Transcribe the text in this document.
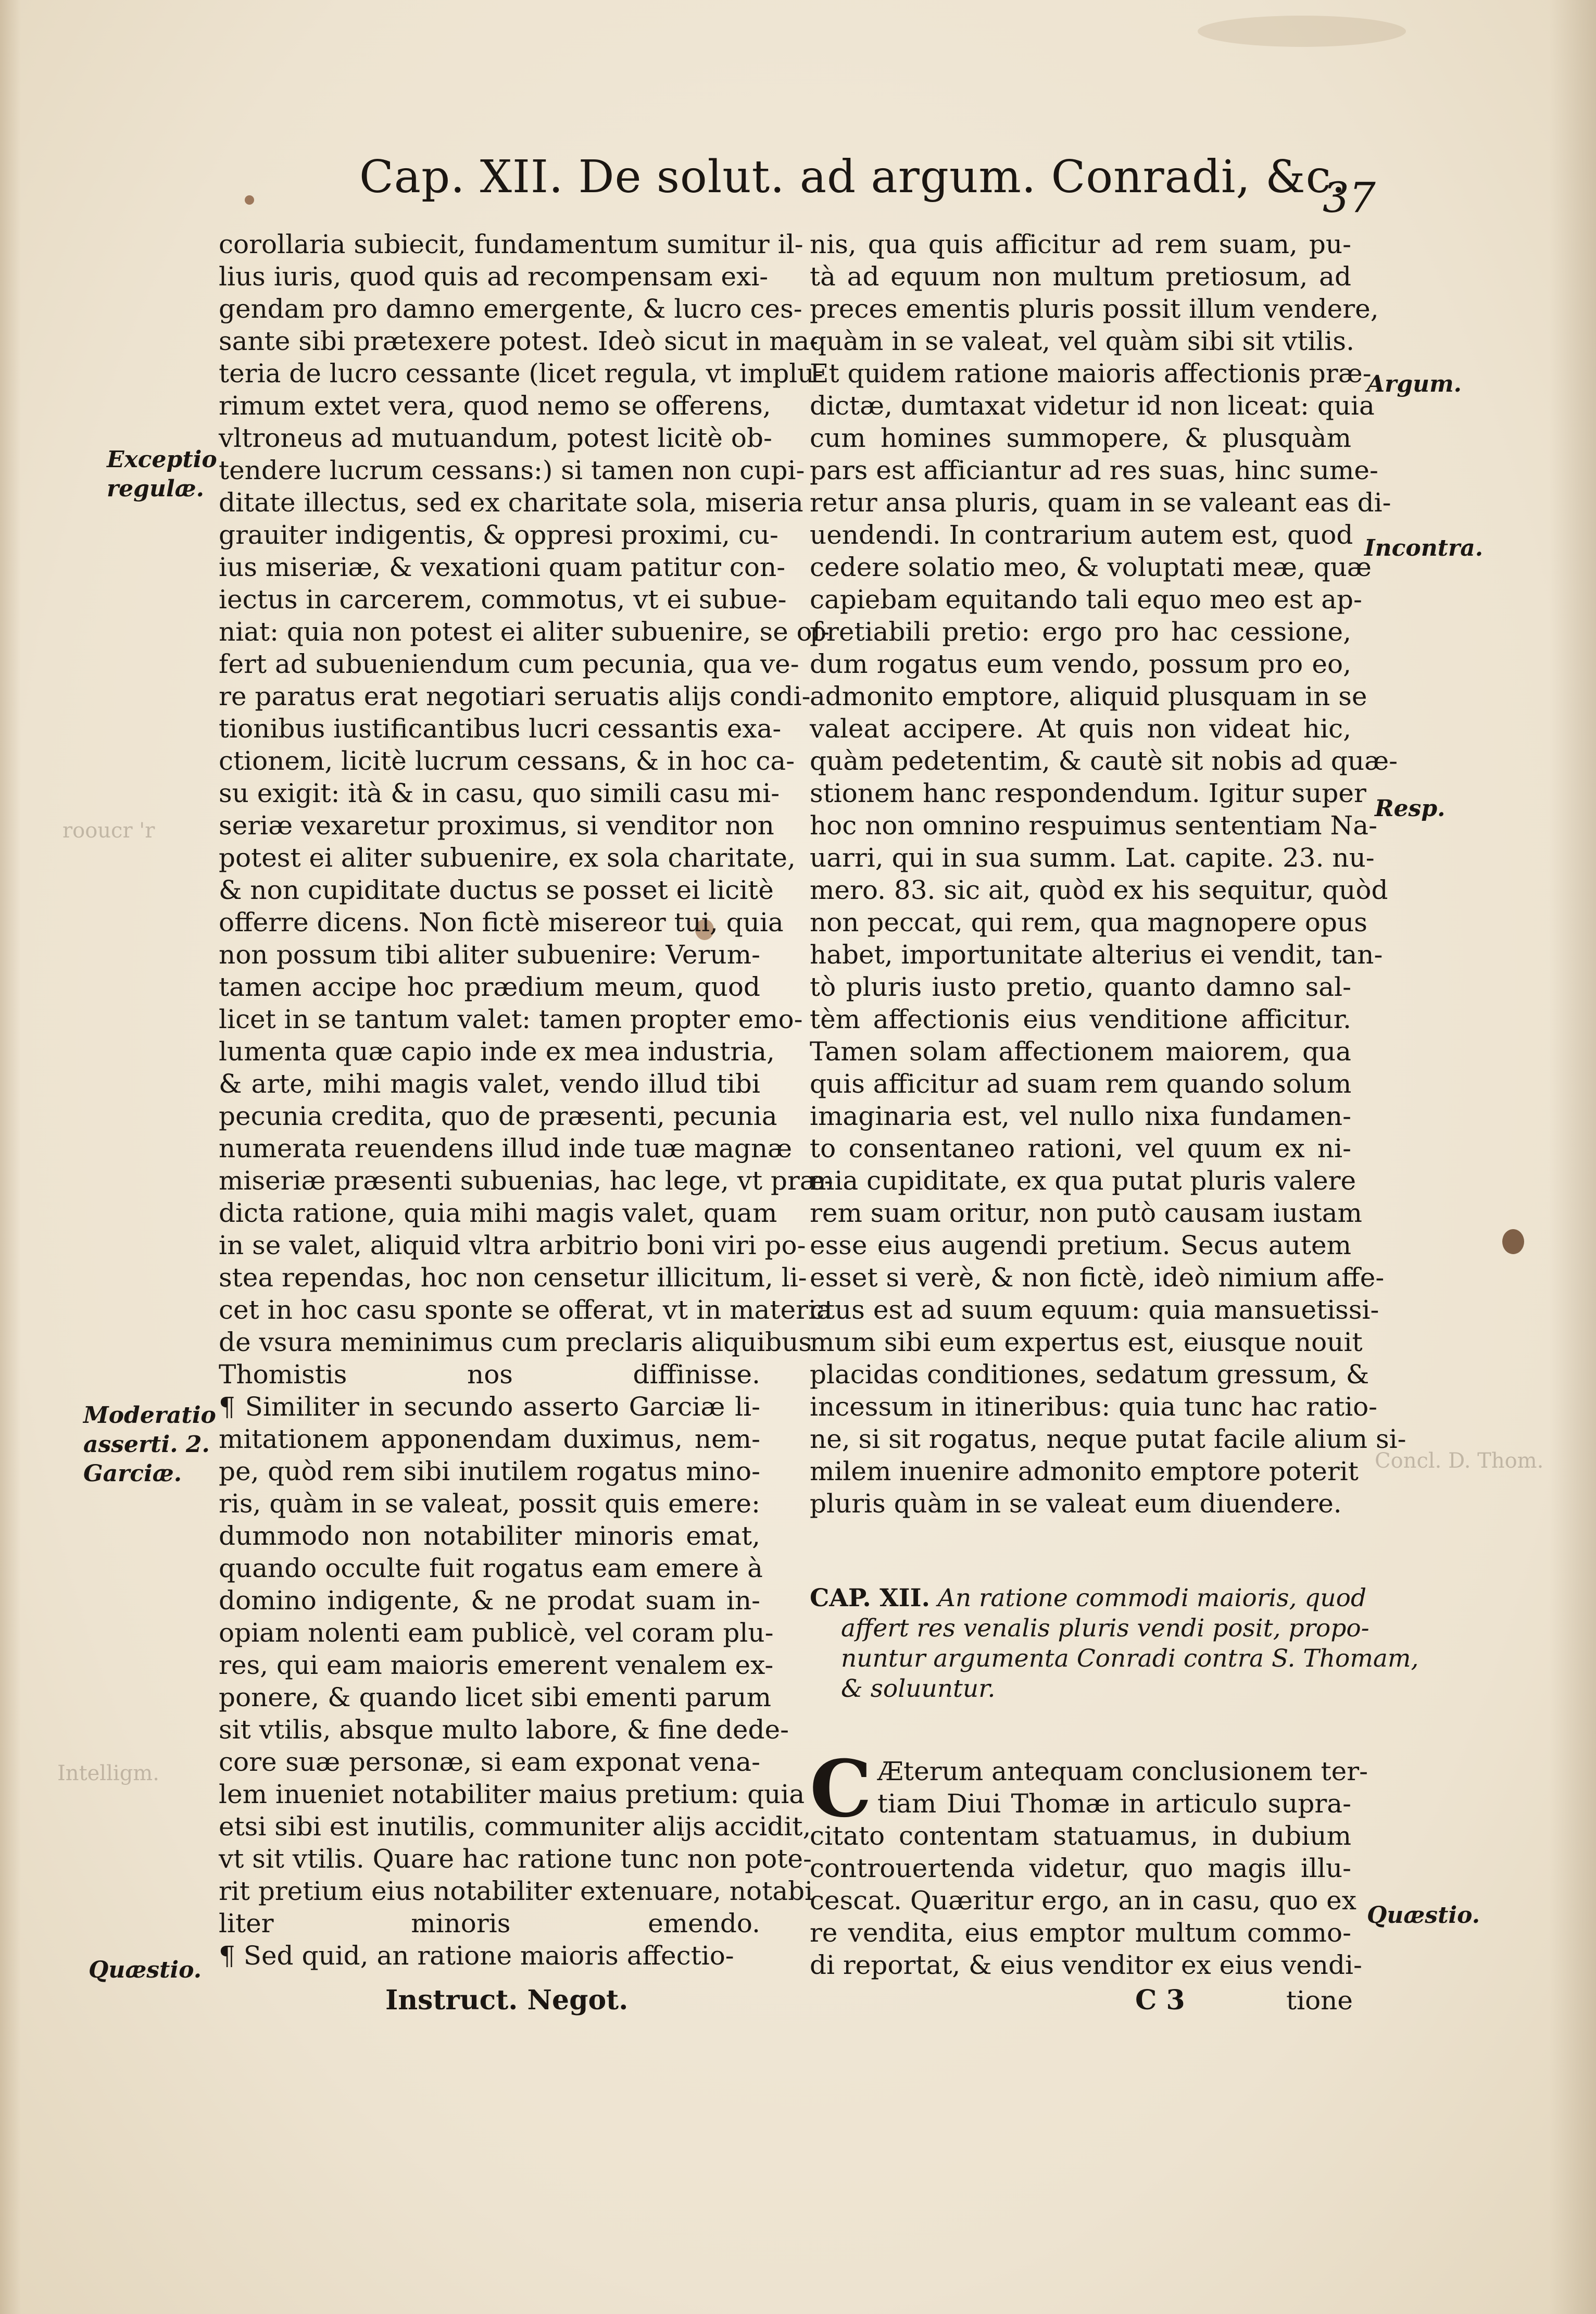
Cap. XII. De solut. ad argum. Conradi, &c.
37
Exceptio
regulæ.
Moderatio
asserti. 2.
Garciæ.
Quæstio.
Argum.
Incontra.
Resp.
Quæstio.
rooucr 'r
Intelligm.
Concl. D. Thom.
corollaria subiecit, fundamentum sumitur il-
lius iuris, quod quis ad recompensam exi-
gendam pro damno emergente, & lucro ces-
sante sibi prætexere potest. Ideò sicut in ma-
teria de lucro cessante (licet regula, vt implu-
rimum extet vera, quod nemo se offerens,
vltroneus ad mutuandum, potest licitè ob-
tendere lucrum cessans:) si tamen non cupi-
ditate illectus, sed ex charitate sola, miseria
grauiter indigentis, & oppresi proximi, cu-
ius miseriæ, & vexationi quam patitur con-
iectus in carcerem, commotus, vt ei subue-
niat: quia non potest ei aliter subuenire, se of-
fert ad subueniendum cum pecunia, qua ve-
re paratus erat negotiari seruatis alijs condi-
tionibus iustificantibus lucri cessantis exa-
ctionem, licitè lucrum cessans, & in hoc ca-
su exigit: ità & in casu, quo simili casu mi-
seriæ vexaretur proximus, si venditor non
potest ei aliter subuenire, ex sola charitate,
& non cupiditate ductus se posset ei licitè
offerre dicens. Non fictè misereor tui, quia
non possum tibi aliter subuenire: Verum-
tamen accipe hoc prædium meum, quod
licet in se tantum valet: tamen propter emo-
lumenta quæ capio inde ex mea industria,
& arte, mihi magis valet, vendo illud tibi
pecunia credita, quo de præsenti, pecunia
numerata reuendens illud inde tuæ magnæ
miseriæ præsenti subuenias, hac lege, vt præ-
dicta ratione, quia mihi magis valet, quam
in se valet, aliquid vltra arbitrio boni viri po-
stea rependas, hoc non censetur illicitum, li-
cet in hoc casu sponte se offerat, vt in materia
de vsura meminimus cum preclaris aliquibus
Thomistis nos diffinisse.
¶ Similiter in secundo asserto Garciæ li-
mitationem apponendam duximus, nem-
pe, quòd rem sibi inutilem rogatus mino-
ris, quàm in se valeat, possit quis emere:
dummodo non notabiliter minoris emat,
quando occulte fuit rogatus eam emere à
domino indigente, & ne prodat suam in-
opiam nolenti eam publicè, vel coram plu-
res, qui eam maioris emerent venalem ex-
ponere, & quando licet sibi ementi parum
sit vtilis, absque multo labore, & fine dede-
core suæ personæ, si eam exponat vena-
lem inueniet notabiliter maius pretium: quia
etsi sibi est inutilis, communiter alijs accidit,
vt sit vtilis. Quare hac ratione tunc non pote-
rit pretium eius notabiliter extenuare, notabi
liter minoris emendo.
¶ Sed quid, an ratione maioris affectio-
nis, qua quis afficitur ad rem suam, pu-
tà ad equum non multum pretiosum, ad
preces ementis pluris possit illum vendere,
quàm in se valeat, vel quàm sibi sit vtilis.
Et quidem ratione maioris affectionis præ-
dictæ, dumtaxat videtur id non liceat: quia
cum homines summopere, & plusquàm
pars est afficiantur ad res suas, hinc sume-
retur ansa pluris, quam in se valeant eas di-
uendendi. In contrarium autem est, quod
cedere solatio meo, & voluptati meæ, quæ
capiebam equitando tali equo meo est ap-
pretiabili pretio: ergo pro hac cessione,
dum rogatus eum vendo, possum pro eo,
admonito emptore, aliquid plusquam in se
valeat accipere. At quis non videat hic,
quàm pedetentim, & cautè sit nobis ad quæ-
stionem hanc respondendum. Igitur super
hoc non omnino respuimus sententiam Na-
uarri, qui in sua summ. Lat. capite. 23. nu-
mero. 83. sic ait, quòd ex his sequitur, quòd
non peccat, qui rem, qua magnopere opus
habet, importunitate alterius ei vendit, tan-
tò pluris iusto pretio, quanto damno sal-
tèm affectionis eius venditione afficitur.
Tamen solam affectionem maiorem, qua
quis afficitur ad suam rem quando solum
imaginaria est, vel nullo nixa fundamen-
to consentaneo rationi, vel quum ex ni-
mia cupiditate, ex qua putat pluris valere
rem suam oritur, non putò causam iustam
esse eius augendi pretium. Secus autem
esset si verè, & non fictè, ideò nimium affe-
ctus est ad suum equum: quia mansuetissi-
mum sibi eum expertus est, eiusque nouit
placidas conditiones, sedatum gressum, &
incessum in itineribus: quia tunc hac ratio-
ne, si sit rogatus, neque putat facile alium si-
milem inuenire admonito emptore poterit
pluris quàm in se valeat eum diuendere.
CAP. XII. An ratione commodi maioris, quod
affert res venalis pluris vendi posit, propo-
nuntur argumenta Conradi contra S. Thomam,
& soluuntur.
C Æterum antequam conclusionem ter-
tiam Diui Thomæ in articulo supra-
citato contentam statuamus, in dubium
controuertenda videtur, quo magis illu-
cescat. Quæritur ergo, an in casu, quo ex
re vendita, eius emptor multum commo-
di reportat, & eius venditor ex eius vendi-
Instruct. Negot.	C 3	tione
